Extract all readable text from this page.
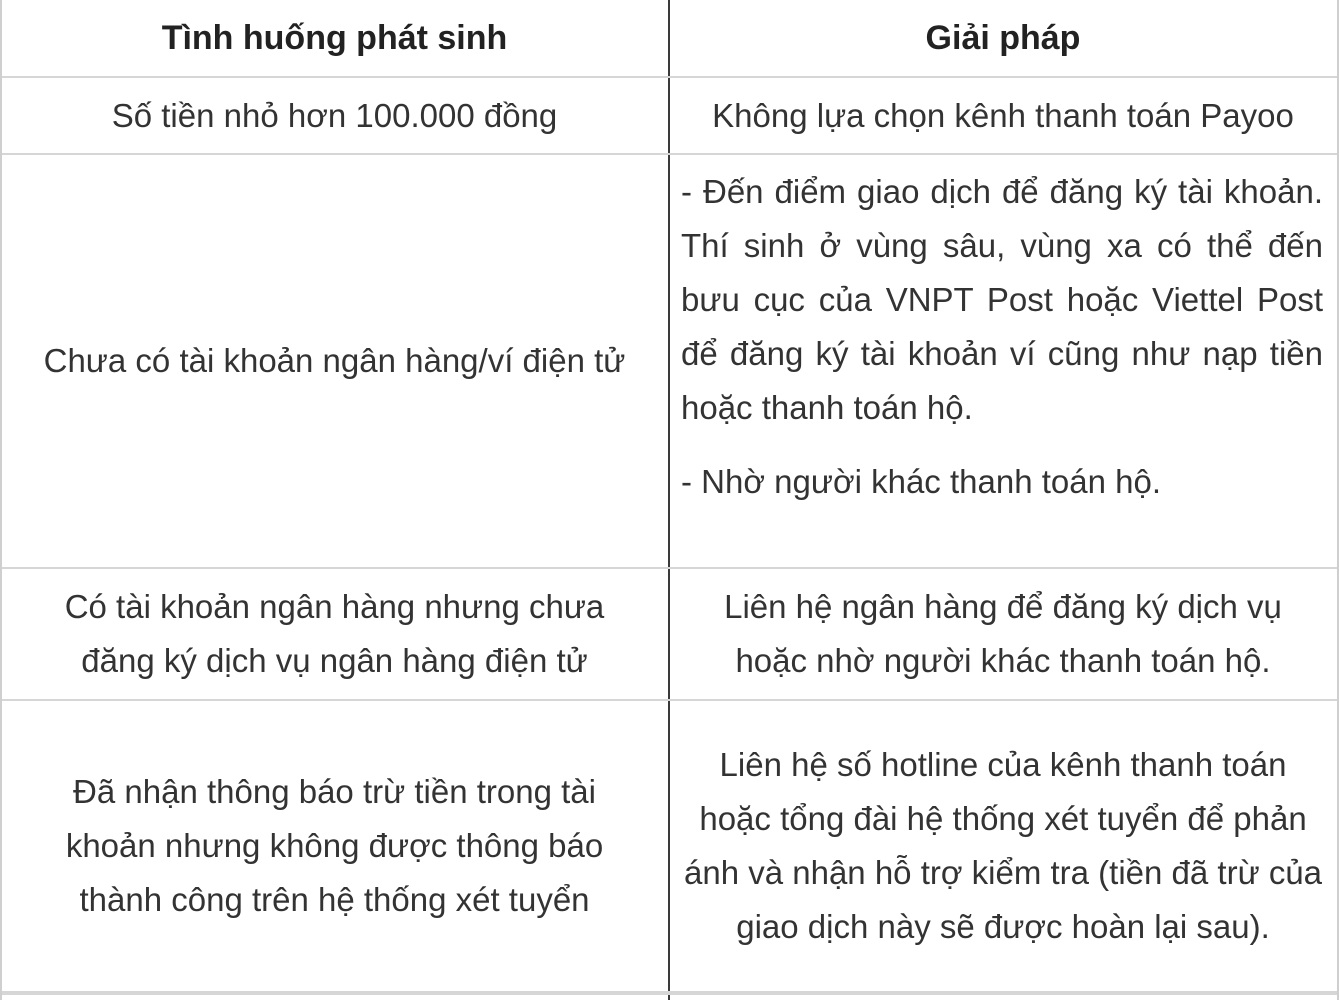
Tình huống phát sinh	Giải pháp
Số tiền nhỏ hơn 100.000 đồng	Không lựa chọn kênh thanh toán Payoo
Chưa có tài khoản ngân hàng/ví điện tử
- Đến điểm giao dịch để đăng ký tài khoản. Thí sinh ở vùng sâu, vùng xa có thể đến bưu cục của VNPT Post hoặc Viettel Post để đăng ký tài khoản ví cũng như nạp tiền hoặc thanh toán hộ.
- Nhờ người khác thanh toán hộ.
Có tài khoản ngân hàng nhưng chưa đăng ký dịch vụ ngân hàng điện tử
Liên hệ ngân hàng để đăng ký dịch vụ hoặc nhờ người khác thanh toán hộ.
Đã nhận thông báo trừ tiền trong tài khoản nhưng không được thông báo thành công trên hệ thống xét tuyển
Liên hệ số hotline của kênh thanh toán hoặc tổng đài hệ thống xét tuyển để phản ánh và nhận hỗ trợ kiểm tra (tiền đã trừ của giao dịch này sẽ được hoàn lại sau).
